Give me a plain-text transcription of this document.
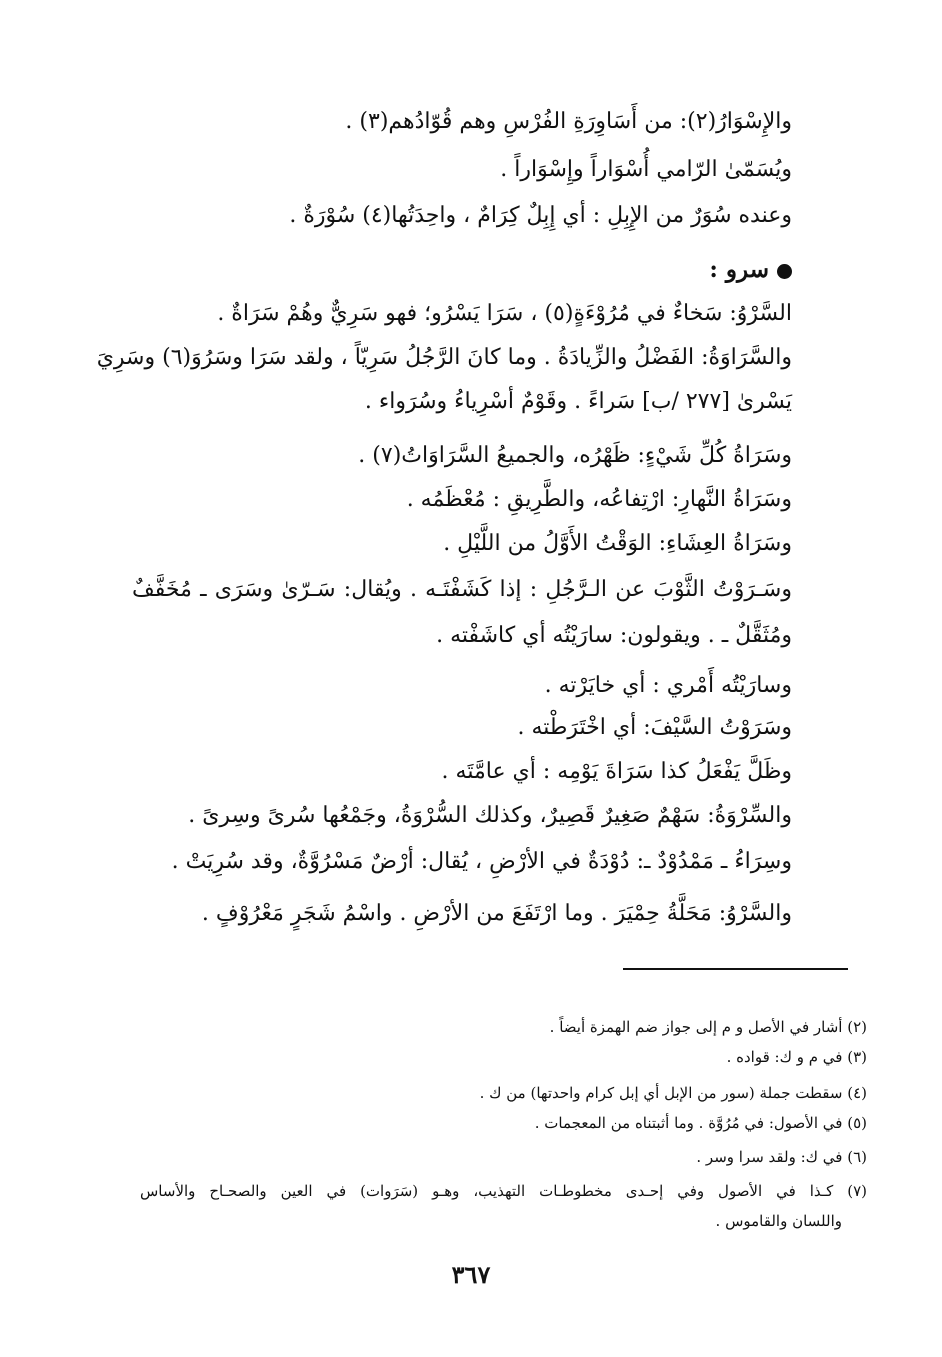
والإِسْوَارُ(٢): من أَسَاوِرَةِ الفُرْسِ وهم قُوّادُهم(٣) .
ويُسَمّىٰ الرّامي أُسْوَاراً وإِسْوَاراً .
وعنده سُوَرٌ من الإِبِلِ : أي إِبِلٌ كِرَامٌ ، واحِدَتُها(٤) سُوْرَةٌ .
سرو :
السَّرْوُ: سَخاءٌ في مُرُوْءَةٍ(٥) ، سَرَا يَسْرُو؛ فهو سَرِيٌّ وهُمْ سَرَاةٌ .
والسَّرَاوَةُ: الفَضْلُ والزِّيادَةُ . وما كانَ الرَّجُلُ سَرِيّاً ، ولقد سَرَا وسَرُوَ(٦) وسَرِيَ
يَسْرىٰ [٢٧٧ /ب] سَراءً . وقَوْمٌ أسْرِياءُ وسُرَواء .
وسَرَاةُ كُلِّ شَيْءٍ: ظَهْرُه، والجميعُ السَّرَاوَاتُ(٧) .
وسَرَاةُ النَّهارِ: ارْتِفاعُه، والطَّرِيقِ : مُعْظَمُه .
وسَرَاةُ العِشَاءِ: الوَقْتُ الأَوَّلُ من اللَّيْلِ .
وسَـرَوْتُ الثَّوْبَ عن الـرَّجُلِ : إذا كَشَفْتَـه . ويُقال: سَـرّىٰ وسَرَى ـ مُخَفَّفٌ
ومُثَقَّلٌ ـ . ويقولون: سارَيْتُه أي كاشَفْته .
وسارَيْتُه أَمْري : أي خايَرْته .
وسَرَوْتُ السَّيْفَ: أي اخْتَرَطْته .
وظَلَّ يَفْعَلُ كذا سَرَاةَ يَوْمِه : أي عامَّتَه .
والسِّرْوَةُ: سَهْمٌ صَغِيرٌ قَصِيرٌ، وكذلك السُّرْوَةُ، وجَمْعُها سُرىً وسِرىً .
وسِرَاءُ ـ مَمْدُوْدٌ ـ: دُوْدَةٌ في الأرْضِ ، يُقال: أرْضٌ مَسْرُوَّةٌ، وقد سُرِيَتْ .
والسَّرْوُ: مَحَلَّةُ حِمْيَرَ . وما ارْتَفَعَ من الأرْضِ . واسْمُ شَجَرٍ مَعْرُوْفٍ .
(٢) أشار في الأصل و م إلى جواز ضم الهمزة أيضاً .
(٣) في م و ك: قواده .
(٤) سقطت جملة (سور من الإبل أي إبل كرام واحدتها) من ك .
(٥) في الأصول: في مُرُوَّة . وما أثبتناه من المعجمات .
(٦) في ك: ولقد سرا وسر .
(٧) كـذا في الأصول وفي إحـدى مخطوطـات التهذيب، وهـو (سَرَوات) في العين والصحـاح والأساس
واللسان والقاموس .
٣٦٧
